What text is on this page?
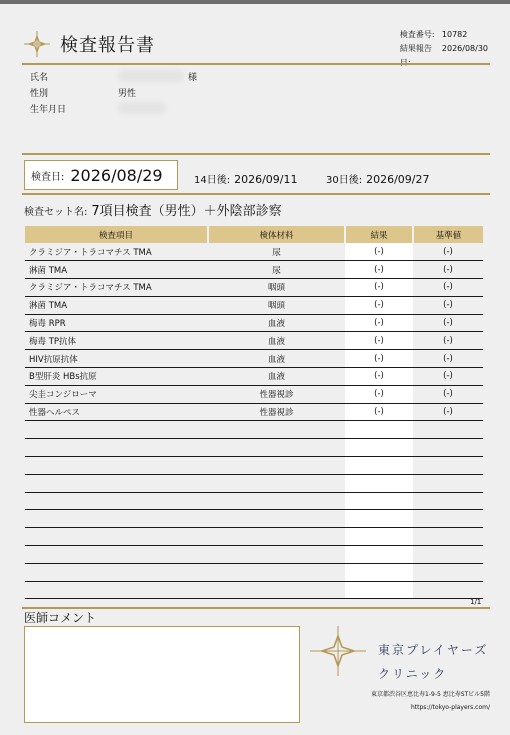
検査報告書
検査番号: 10782
結果報告	2026/08/30
氏名	様
性別	男性
生年月日
検査日: 2026/08/29	14日後: 2026/09/11	30日後: 2026/09/27
検査セット名: 7項目検査（男性）＋外陰部診察
検査項目	検体材料	結果	基準値
クラミジア・トラコマチス TMA	尿	(-)	(-)
淋菌 TMA	尿	(-)	(-)
クラミジア・トラコマチス TMA	咽頭	(-)	(-)
淋菌 TMA	咽頭	(-)	(-)
梅毒 RPR	血液	(-)	(-)
梅毒 TP抗体	血液	(-)	(-)
HIV抗原抗体	血液	(-)	(-)
B型肝炎 HBs抗原	血液	(-)	(-)
尖圭コンジローマ	性器視診	(-)	(-)
性器ヘルペス	性器視診	(-)	(-)

1/1
医師コメント
東京プレイヤーズ
クリニック
東京都渋谷区恵比寿1-9-5 恵比寿STビル5階
https://tokyo-players.com/
